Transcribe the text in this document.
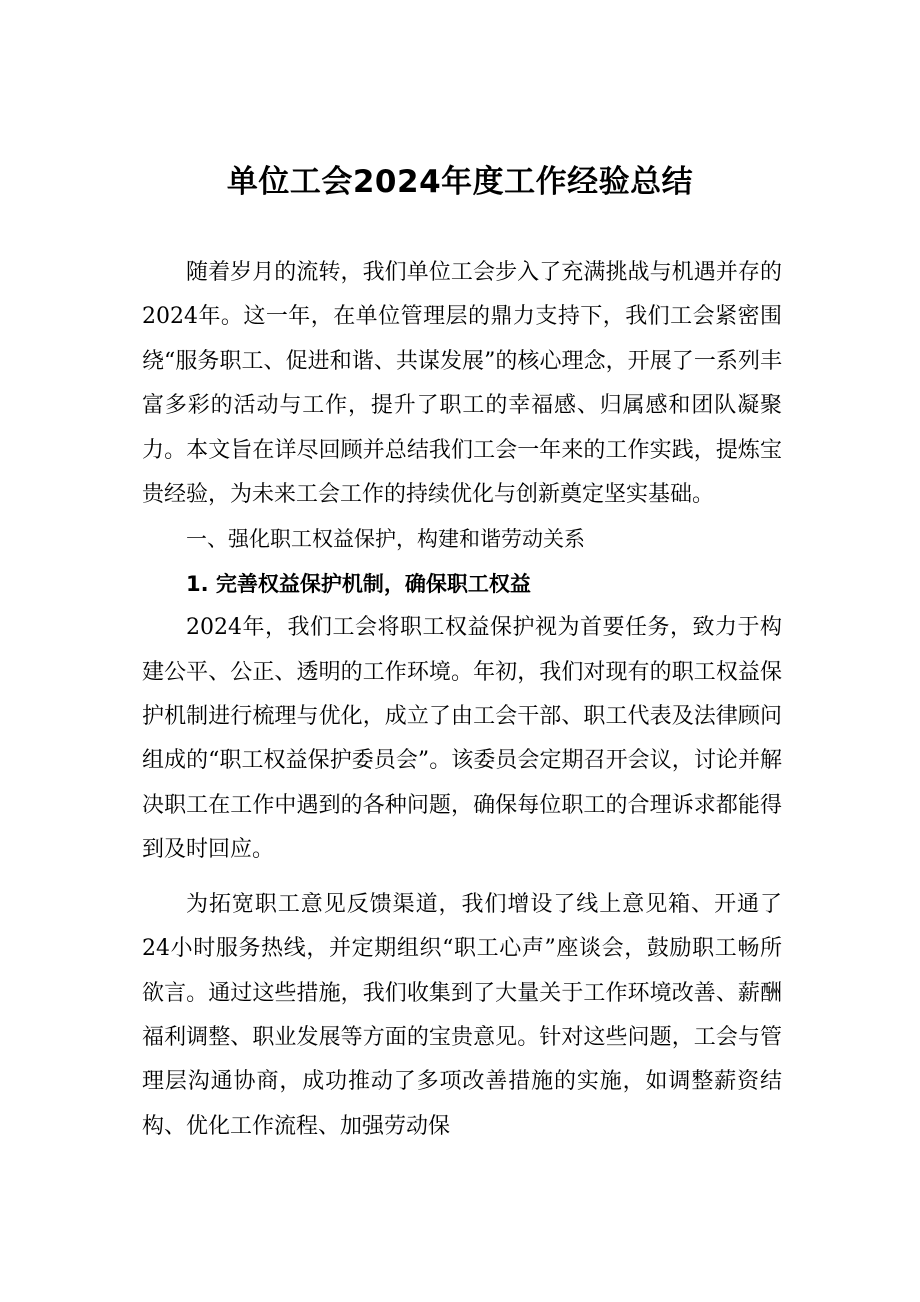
单位工会2024年度工作经验总结

随着岁月的流转，我们单位工会步入了充满挑战与机遇并存的2024年。这一年，在单位管理层的鼎力支持下，我们工会紧密围绕“服务职工、促进和谐、共谋发展”的核心理念，开展了一系列丰富多彩的活动与工作，提升了职工的幸福感、归属感和团队凝聚力。本文旨在详尽回顾并总结我们工会一年来的工作实践，提炼宝贵经验，为未来工会工作的持续优化与创新奠定坚实基础。

一、强化职工权益保护，构建和谐劳动关系

1. 完善权益保护机制，确保职工权益

2024年，我们工会将职工权益保护视为首要任务，致力于构建公平、公正、透明的工作环境。年初，我们对现有的职工权益保护机制进行梳理与优化，成立了由工会干部、职工代表及法律顾问组成的“职工权益保护委员会”。该委员会定期召开会议，讨论并解决职工在工作中遇到的各种问题，确保每位职工的合理诉求都能得到及时回应。

为拓宽职工意见反馈渠道，我们增设了线上意见箱、开通了24小时服务热线，并定期组织“职工心声”座谈会，鼓励职工畅所欲言。通过这些措施，我们收集到了大量关于工作环境改善、薪酬福利调整、职业发展等方面的宝贵意见。针对这些问题，工会与管理层沟通协商，成功推动了多项改善措施的实施，如调整薪资结构、优化工作流程、加强劳动保
